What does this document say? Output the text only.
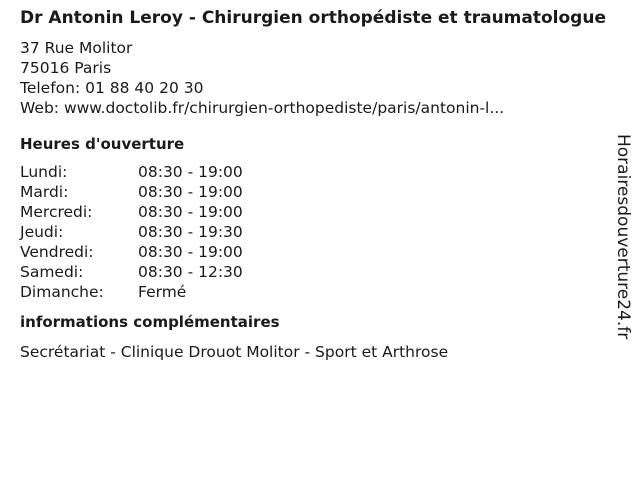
Dr Antonin Leroy - Chirurgien orthopédiste et traumatologue
37 Rue Molitor
75016 Paris
Telefon: 01 88 40 20 30
Web: www.doctolib.fr/chirurgien-orthopediste/paris/antonin-l...
Heures d'ouverture
Lundi:	08:30 - 19:00
Mardi:	08:30 - 19:00
Mercredi:	08:30 - 19:00
Jeudi:	08:30 - 19:30
Vendredi:	08:30 - 19:00
Samedi:	08:30 - 12:30
Dimanche:	Fermé
informations complémentaires
Secrétariat - Clinique Drouot Molitor - Sport et Arthrose
Horairesdouverture24.fr
